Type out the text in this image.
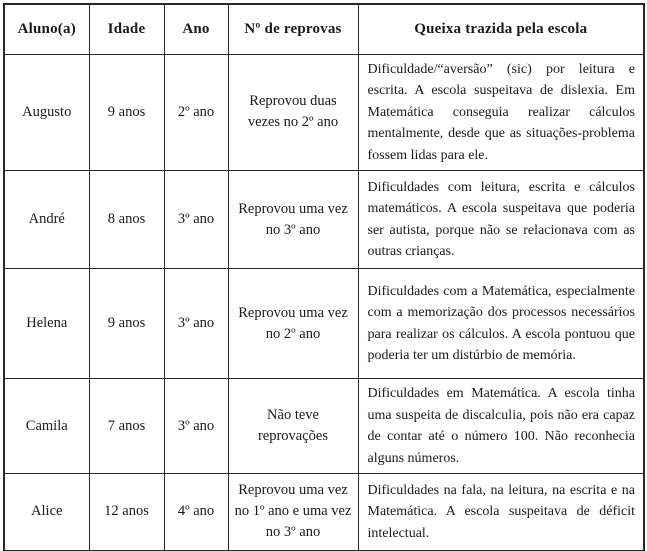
Aluno(a)	Idade	Ano	Nº de reprovas	Queixa trazida pela escola
Augusto	9 anos	2º ano	Reprovou duas vezes no 2º ano	Dificuldade/“aversão” (sic) por leitura e escrita. A escola suspeitava de dislexia. Em Matemática conseguia realizar cálculos mentalmente, desde que as situações-problema fossem lidas para ele.
André	8 anos	3º ano	Reprovou uma vez no 3º ano	Dificuldades com leitura, escrita e cálculos matemáticos. A escola suspeitava que poderia ser autista, porque não se relacionava com as outras crianças.
Helena	9 anos	3º ano	Reprovou uma vez no 2º ano	Dificuldades com a Matemática, especialmente com a memorização dos processos necessários para realizar os cálculos. A escola pontuou que poderia ter um distúrbio de memória.
Camila	7 anos	3º ano	Não teve reprovações	Dificuldades em Matemática. A escola tinha uma suspeita de discalculia, pois não era capaz de contar até o número 100. Não reconhecia alguns números.
Alice	12 anos	4º ano	Reprovou uma vez no 1º ano e uma vez no 3º ano	Dificuldades na fala, na leitura, na escrita e na Matemática. A escola suspeitava de déficit intelectual.
